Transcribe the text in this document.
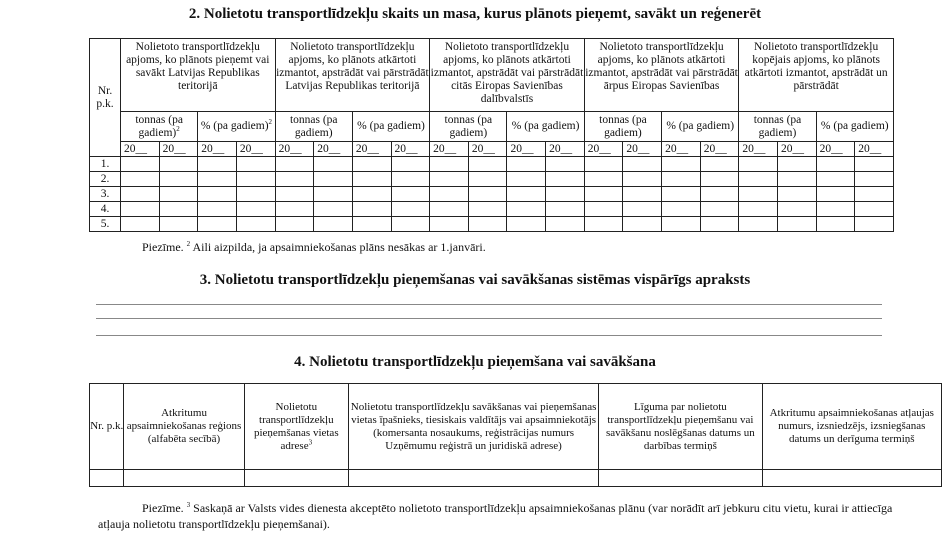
2. Nolietotu transportlīdzekļu skaits un masa, kurus plānots pieņemt, savākt un reģenerēt
Nr. p.k.	Nolietoto transportlīdzekļu apjoms, ko plānots pieņemt vai savākt Latvijas Republikas teritorijā				Nolietoto transportlīdzekļu apjoms, ko plānots atkārtoti izmantot, apstrādāt vai pārstrādāt Latvijas Republikas teritorijā				Nolietoto transportlīdzekļu apjoms, ko plānots atkārtoti izmantot, apstrādāt vai pārstrādāt citās Eiropas Savienības dalībvalstīs				Nolietoto transportlīdzekļu apjoms, ko plānots atkārtoti izmantot, apstrādāt vai pārstrādāt ārpus Eiropas Savienības				Nolietoto transportlīdzekļu kopējais apjoms, ko plānots atkārtoti izmantot, apstrādāt un pārstrādāt			
	tonnas (pa gadiem)$^2$		% (pa gadiem)$^2$		tonnas (pa gadiem)		% (pa gadiem)		tonnas (pa gadiem)		% (pa gadiem)		tonnas (pa gadiem)		% (pa gadiem)		tonnas (pa gadiem)		% (pa gadiem)	
	20__	20__	20__	20__	20__	20__	20__	20__	20__	20__	20__	20__	20__	20__	20__	20__	20__	20__	20__	20__
1.																				
2.																				
3.																				
4.																				
5.																				
Piezīme. $^2$ Aili aizpilda, ja apsaimniekošanas plāns nesākas ar 1.janvāri.
3. Nolietotu transportlīdzekļu pieņemšanas vai savākšanas sistēmas vispārīgs apraksts
4. Nolietotu transportlīdzekļu pieņemšana vai savākšana
Nr. p.k.	Atkritumu apsaimniekošanas reģions (alfabēta secībā)	Nolietotu transportlīdzekļu pieņemšanas vietas adrese$^3$	Nolietotu transportlīdzekļu savākšanas vai pieņemšanas vietas īpašnieks, tiesiskais valdītājs vai apsaimniekotājs (komersanta nosaukums, reģistrācijas numurs Uzņēmumu reģistrā un juridiskā adrese)	Līguma par nolietotu transportlīdzekļu pieņemšanu vai savākšanu noslēgšanas datums un darbības termiņš	Atkritumu apsaimniekošanas atļaujas numurs, izsniedzējs, izsniegšanas datums un derīguma termiņš

Piezīme. $^3$ Saskaņā ar Valsts vides dienesta akceptēto nolietoto transportlīdzekļu apsaimniekošanas plānu (var norādīt arī jebkuru citu vietu, kurai ir attiecīga atļauja nolietotu transportlīdzekļu pieņemšanai).
